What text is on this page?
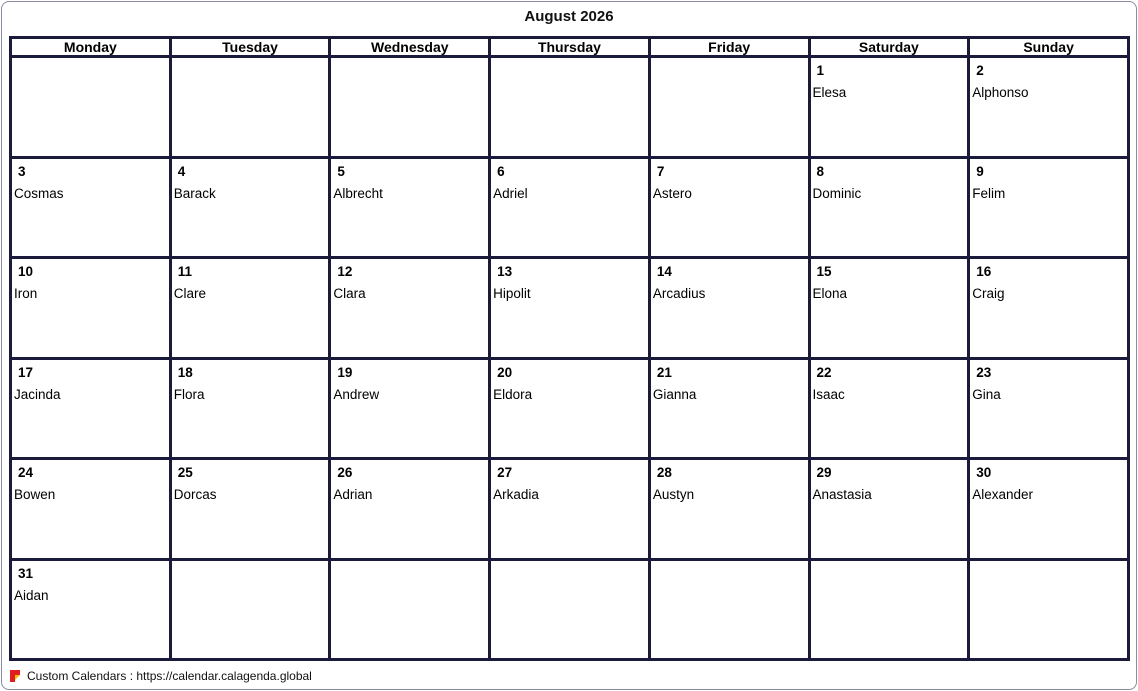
August 2026
Monday	Tuesday	Wednesday	Thursday	Friday	Saturday	Sunday

					1
Elesa	2
Alphonso

3
Cosmas	4
Barack	5
Albrecht	6
Adriel	7
Astero	8
Dominic	9
Felim

10
Iron	11
Clare	12
Clara	13
Hipolit	14
Arcadius	15
Elona	16
Craig

17
Jacinda	18
Flora	19
Andrew	20
Eldora	21
Gianna	22
Isaac	23
Gina

24
Bowen	25
Dorcas	26
Adrian	27
Arkadia	28
Austyn	29
Anastasia	30
Alexander

31
Aidan						

Custom Calendars : https://calendar.calagenda.global
